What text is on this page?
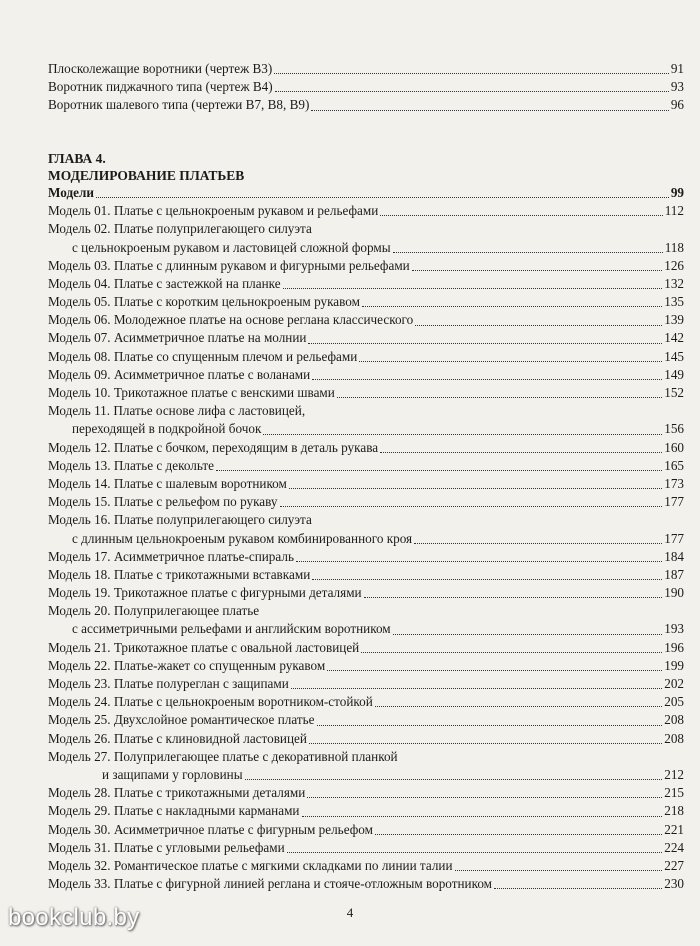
Плосколежащие воротники (чертеж В3)	91
Воротник пиджачного типа (чертеж В4)	93
Воротник шалевого типа (чертежи В7, В8, В9)	96
ГЛАВА 4.
МОДЕЛИРОВАНИЕ ПЛАТЬЕВ
Модели	99
Модель 01. Платье с цельнокроеным рукавом и рельефами	112
Модель 02. Платье полуприлегающего силуэта
с цельнокроеным рукавом и ластовицей сложной формы	118
Модель 03. Платье с длинным рукавом и фигурными рельефами	126
Модель 04. Платье с застежкой на планке	132
Модель 05. Платье с коротким цельнокроеным рукавом	135
Модель 06. Молодежное платье на основе реглана классического	139
Модель 07. Асимметричное платье на молнии	142
Модель 08. Платье со спущенным плечом и рельефами	145
Модель 09. Асимметричное платье с воланами	149
Модель 10. Трикотажное платье с венскими швами	152
Модель 11. Платье основе лифа с ластовицей,
переходящей в подкройной бочок	156
Модель 12. Платье с бочком, переходящим в деталь рукава	160
Модель 13. Платье с декольте	165
Модель 14. Платье с шалевым воротником	173
Модель 15. Платье с рельефом по рукаву	177
Модель 16. Платье полуприлегающего силуэта
с длинным цельнокроеным рукавом комбинированного кроя	177
Модель 17. Асимметричное платье-спираль	184
Модель 18. Платье с трикотажными вставками	187
Модель 19. Трикотажное платье с фигурными деталями	190
Модель 20. Полуприлегающее платье
с ассиметричными рельефами и английским воротником	193
Модель 21. Трикотажное платье с овальной ластовицей	196
Модель 22. Платье-жакет со спущенным рукавом	199
Модель 23. Платье полуреглан с защипами	202
Модель 24. Платье с цельнокроеным воротником-стойкой	205
Модель 25. Двухслойное романтическое платье	208
Модель 26. Платье с клиновидной ластовицей	208
Модель 27. Полуприлегающее платье с декоративной планкой
и защипами у горловины	212
Модель 28. Платье с трикотажными деталями	215
Модель 29. Платье с накладными карманами	218
Модель 30. Асимметричное платье с фигурным рельефом	221
Модель 31. Платье с угловыми рельефами	224
Модель 32. Романтическое платье с мягкими складками по линии талии	227
Модель 33. Платье с фигурной линией реглана и стояче-отложным воротником	230
4
bookclub.by
